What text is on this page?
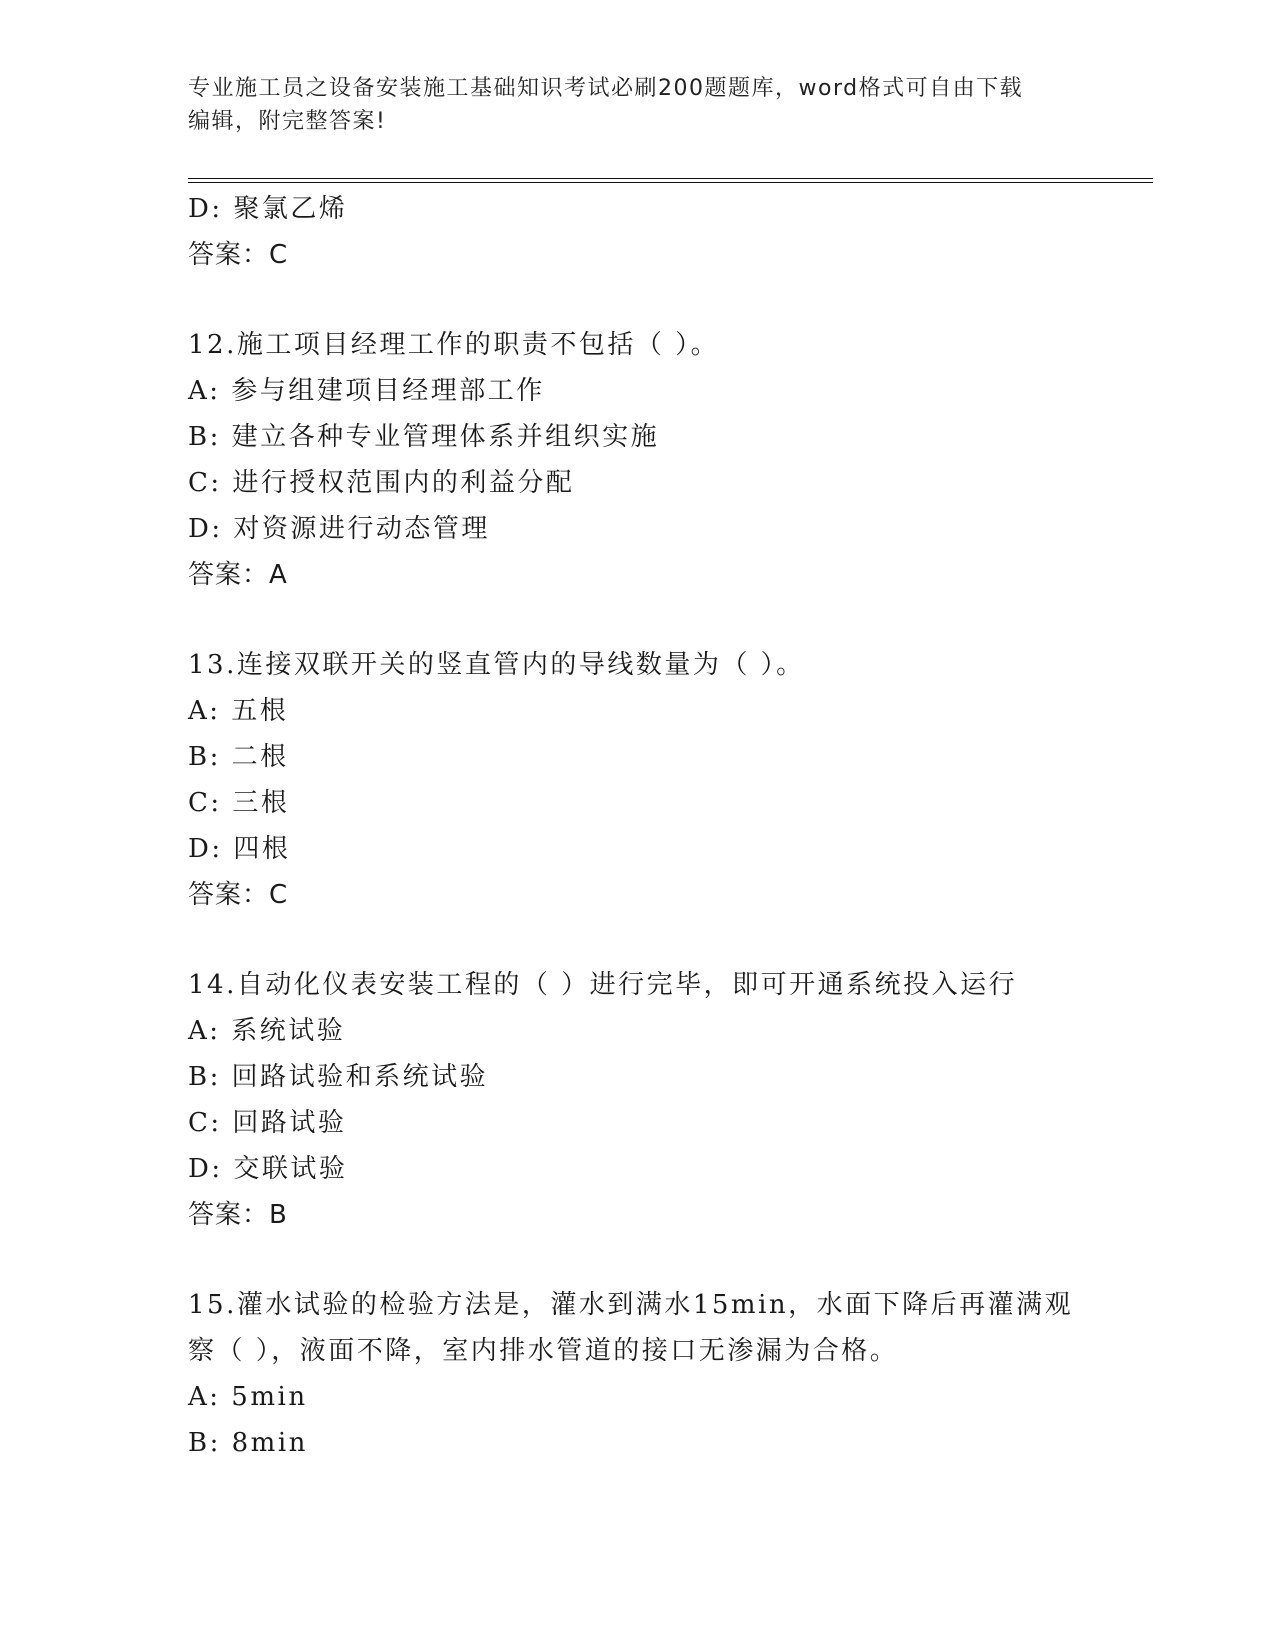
专业施工员之设备安装施工基础知识考试必刷200题题库，word格式可自由下载
编辑，附完整答案!
D: 聚氯乙烯
答案：C
12.施工项目经理工作的职责不包括（ ）。
A: 参与组建项目经理部工作
B: 建立各种专业管理体系并组织实施
C: 进行授权范围内的利益分配
D: 对资源进行动态管理
答案：A
13.连接双联开关的竖直管内的导线数量为（ ）。
A: 五根
B: 二根
C: 三根
D: 四根
答案：C
14.自动化仪表安装工程的（ ）进行完毕，即可开通系统投入运行
A: 系统试验
B: 回路试验和系统试验
C: 回路试验
D: 交联试验
答案：B
15.灌水试验的检验方法是，灌水到满水15min，水面下降后再灌满观
察（ ），液面不降，室内排水管道的接口无渗漏为合格。
A: 5min
B: 8min
